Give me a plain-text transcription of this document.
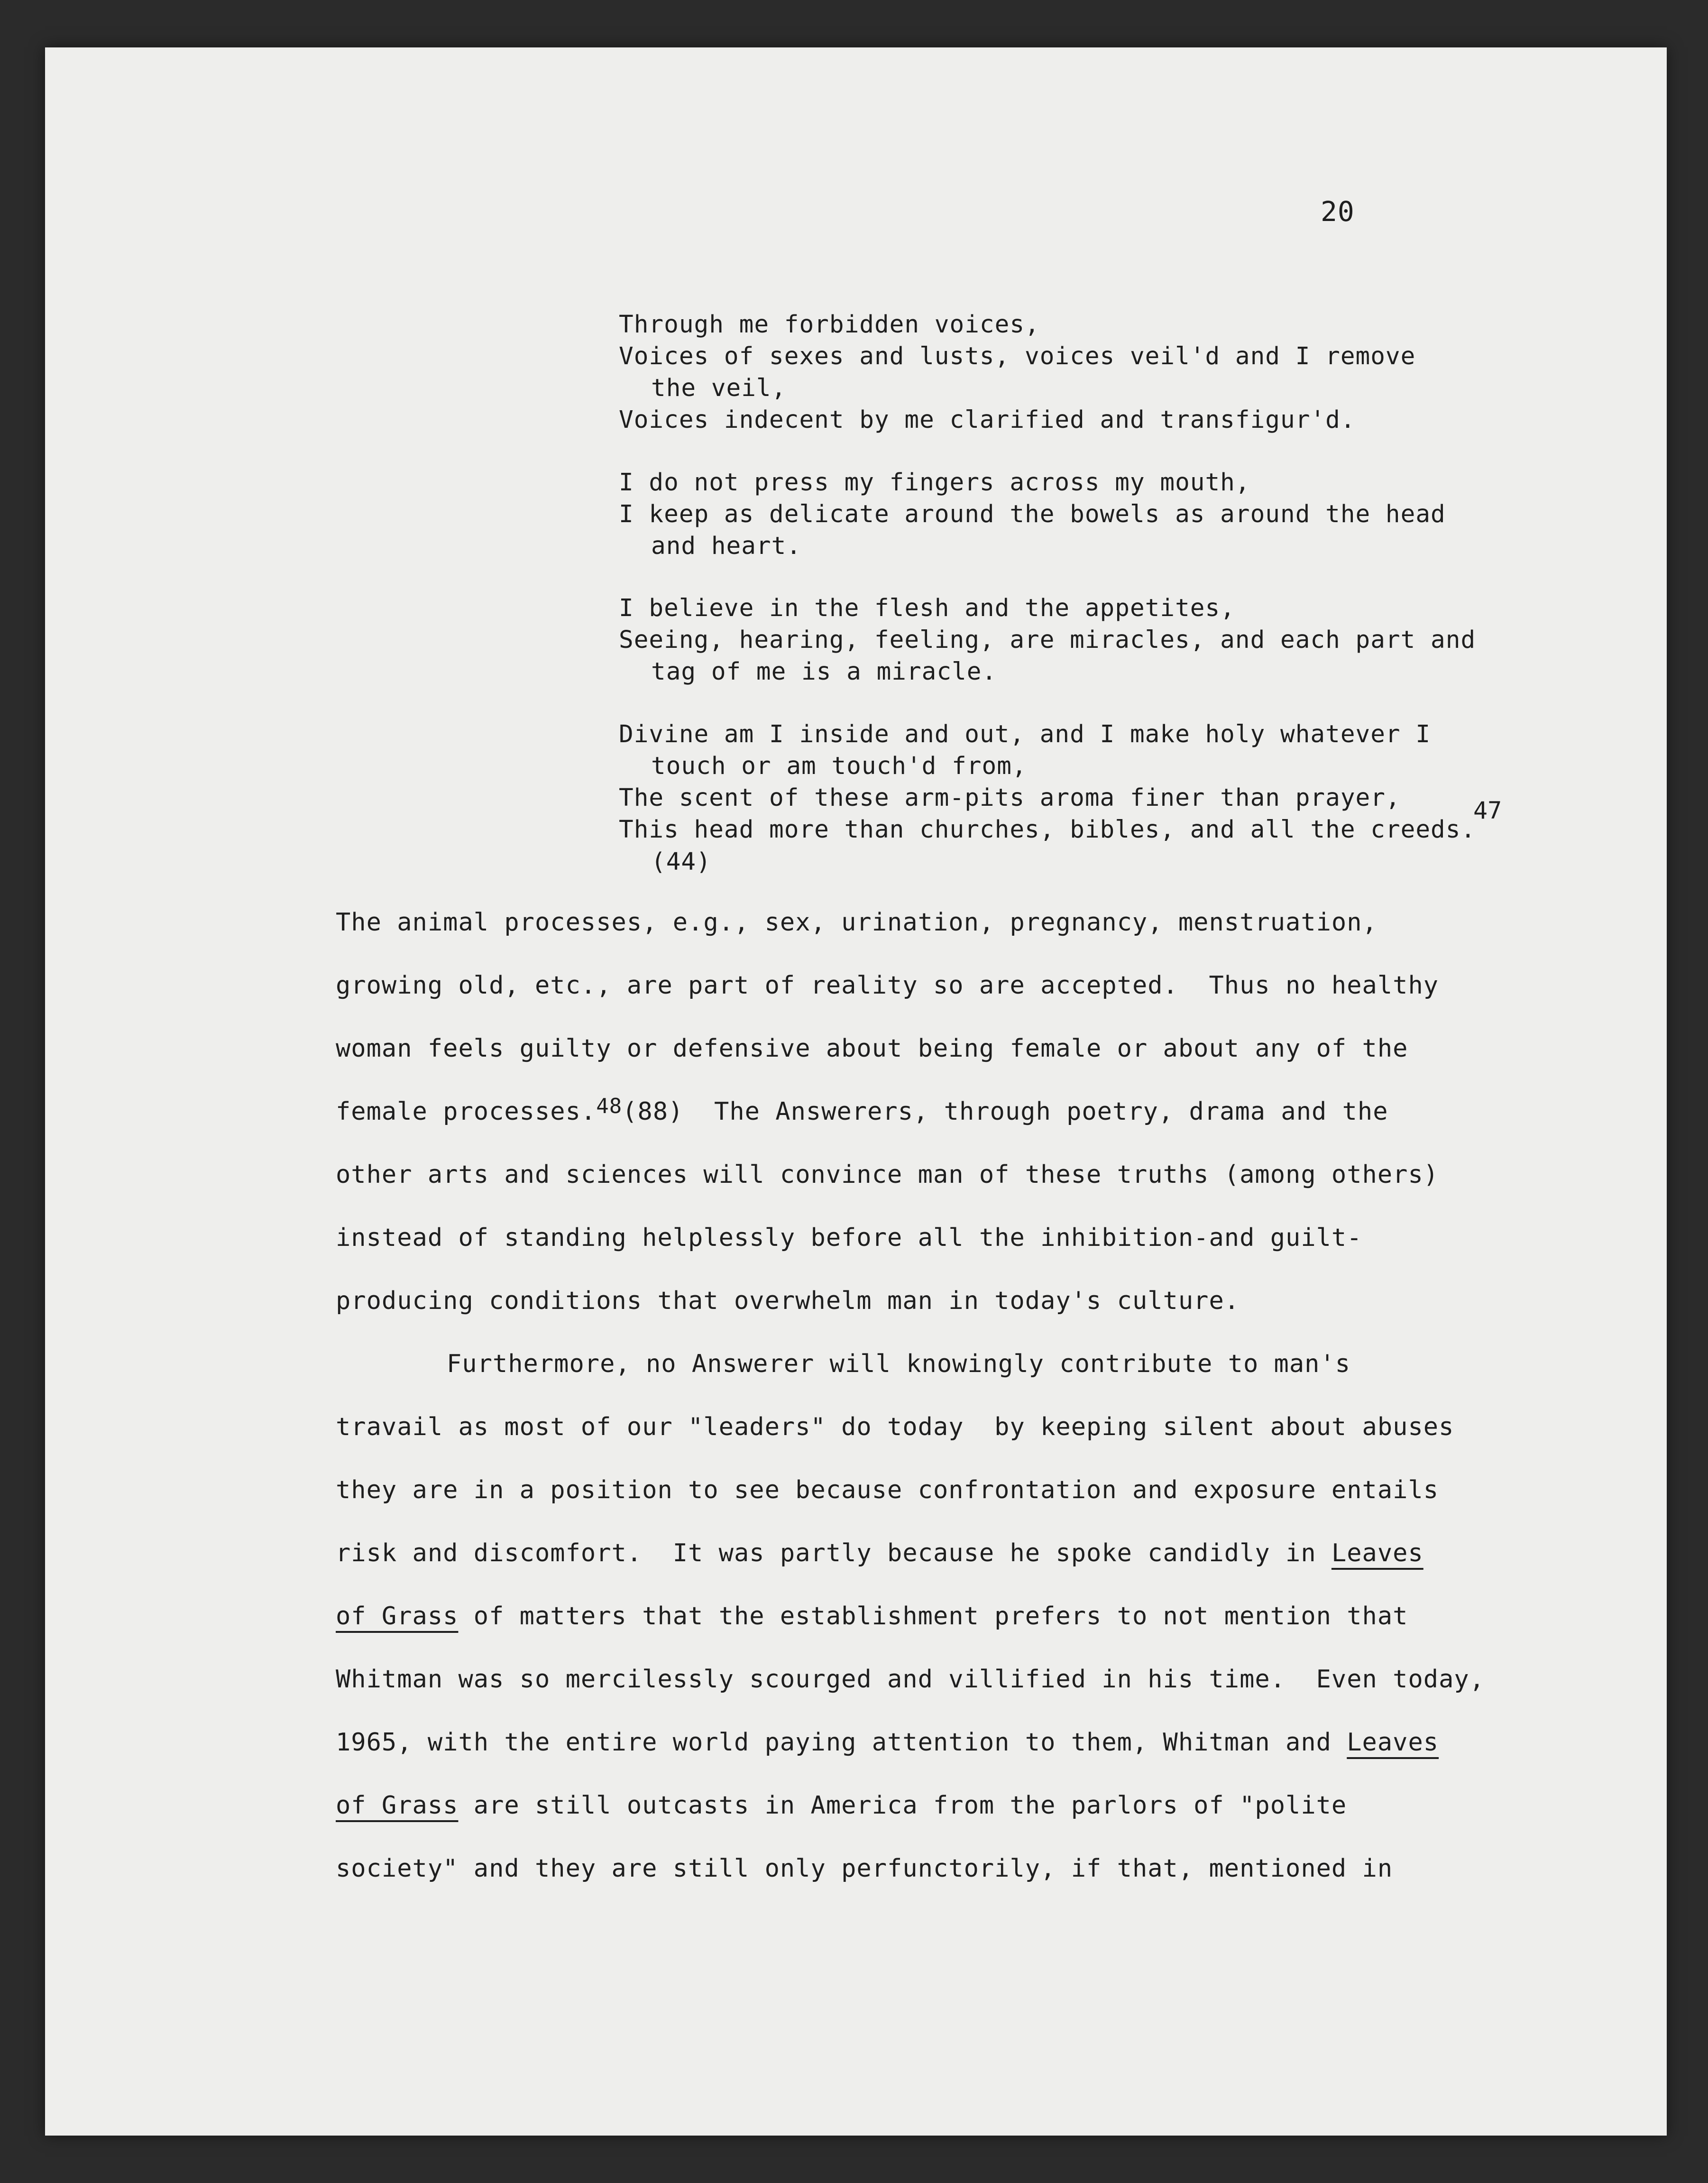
20
Through me forbidden voices,
Voices of sexes and lusts, voices veil'd and I remove
the veil,
Voices indecent by me clarified and transfigur'd.
I do not press my fingers across my mouth,
I keep as delicate around the bowels as around the head
and heart.
I believe in the flesh and the appetites,
Seeing, hearing, feeling, are miracles, and each part and
tag of me is a miracle.
Divine am I inside and out, and I make holy whatever I
touch or am touch'd from,
The scent of these arm-pits aroma finer than prayer,
This head more than churches, bibles, and all the creeds.
(44)
47
The animal processes, e.g., sex, urination, pregnancy, menstruation,
growing old, etc., are part of reality so are accepted.  Thus no healthy
woman feels guilty or defensive about being female or about any of the
female processes.$^{48}$(88)  The Answerers, through poetry, drama and the
other arts and sciences will convince man of these truths (among others)
instead of standing helplessly before all the inhibition-and guilt-
producing conditions that overwhelm man in today's culture.
Furthermore, no Answerer will knowingly contribute to man's
travail as most of our "leaders" do today  by keeping silent about abuses
they are in a position to see because confrontation and exposure entails
risk and discomfort.  It was partly because he spoke candidly in Leaves
of Grass of matters that the establishment prefers to not mention that
Whitman was so mercilessly scourged and villified in his time.  Even today,
1965, with the entire world paying attention to them, Whitman and Leaves
of Grass are still outcasts in America from the parlors of "polite
society" and they are still only perfunctorily, if that, mentioned in
